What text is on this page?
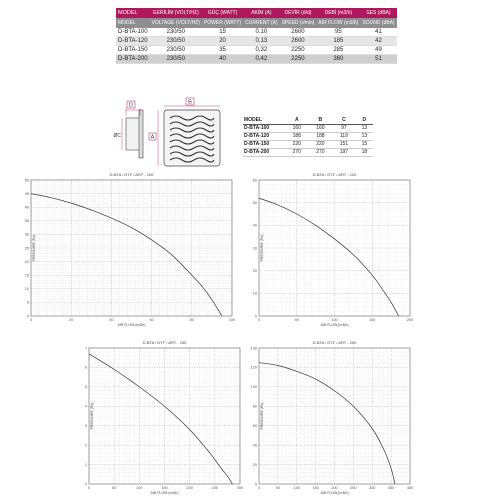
MODEL	GERİLİM (VOLT/HZ)	GÜÇ (WATT)	AKIM (A)	DEVİR (d/d)	DEBİ (m3/h)	SES (dBA)
MODEL	VOLTAGE (VOLT/HZ)	POWER (WATT)	CURRENT (A)	SPEED (r/min)	AIR FLOW (m3/h)	SOUND (dBA)
D-BTA-100	230/50	15	0,10	2600	95	41
D-BTA-120	230/50	20	0,13	2600	185	42
D-BTA-150	230/50	35	0,32	2250	285	49
D-BTA-200	230/50	40	0,42	2250	360	51
D
ØC
B
A
MODEL	A	B	C	D
D-BTA-100	160	160	97	13
D-BTA-120	188	188	119	13
D-BTA-150	220	220	151	15
D-BTA-200	270	270	197	18
D-BTA / DTF / ART - 100
0	20	40	60	80	100
0
5
10
15
20
25
30
35
40
45
50
AIR FLOW (m3/h)
PRESSURE (Pa)
D-BTA / DTF / ART - 120
0	50	100	150	200
0
10
20
30
40
50
60
AIR FLOW (m3/h)
PRESSURE (Pa)
D-BTA / DTF / ART - 150
0	50	100	150	200	250	300
0
1
2
3
4
5
6
7
AIR FLOW (m3/h)
PRESSURE (Pa)
D-BTA / DTF / ART - 200
0	50	100	150	200	250	300	350	400
0
20
40
60
80
100
120
140
AIR FLOW (m3/h)
PRESSURE (Pa)
